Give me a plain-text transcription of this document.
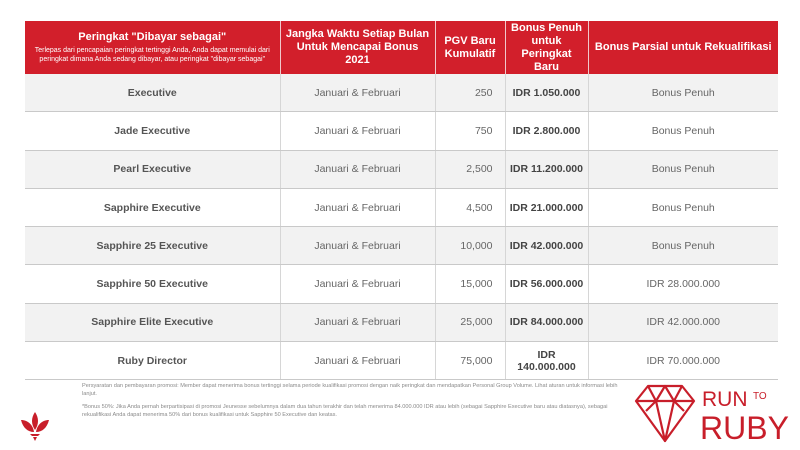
Peringkat "Dibayar sebagai"
Terlepas dari pencapaian peringkat tertinggi Anda, Anda dapat memulai dari peringkat dimana Anda sedang dibayar, atau peringkat "dibayar sebagai"	Jangka Waktu Setiap Bulan Untuk Mencapai Bonus 2021	PGV Baru Kumulatif	Bonus Penuh untuk Peringkat Baru	Bonus Parsial untuk Rekualifikasi
Executive	Januari & Februari	250	IDR 1.050.000	Bonus Penuh
Jade Executive	Januari & Februari	750	IDR 2.800.000	Bonus Penuh
Pearl Executive	Januari & Februari	2,500	IDR 11.200.000	Bonus Penuh
Sapphire Executive	Januari & Februari	4,500	IDR 21.000.000	Bonus Penuh
Sapphire 25 Executive	Januari & Februari	10,000	IDR 42.000.000	Bonus Penuh
Sapphire 50 Executive	Januari & Februari	15,000	IDR 56.000.000	IDR 28.000.000
Sapphire Elite Executive	Januari & Februari	25,000	IDR 84.000.000	IDR 42.000.000
Ruby Director	Januari & Februari	75,000	IDR 140.000.000	IDR 70.000.000

Persyaratan dan pembayaran promosi: Member dapat menerima bonus tertinggi selama periode kualifikasi promosi dengan naik peringkat dan mendapatkan Personal Group Volume. Lihat aturan untuk informasi lebih lanjut.

*Bonus 50%: Jika Anda pernah berpartisipasi di promosi Jeunesse sebelumnya dalam dua tahun terakhir dan telah menerima 84.000.000 IDR atau lebih (sebagai Sapphire Executive baru atau diatasnya), sebagai rekualifikasi Anda dapat menerima 50% dari bonus kualifikasi untuk Sapphire 50 Executive dan keatas.

RUN TO
RUBY
